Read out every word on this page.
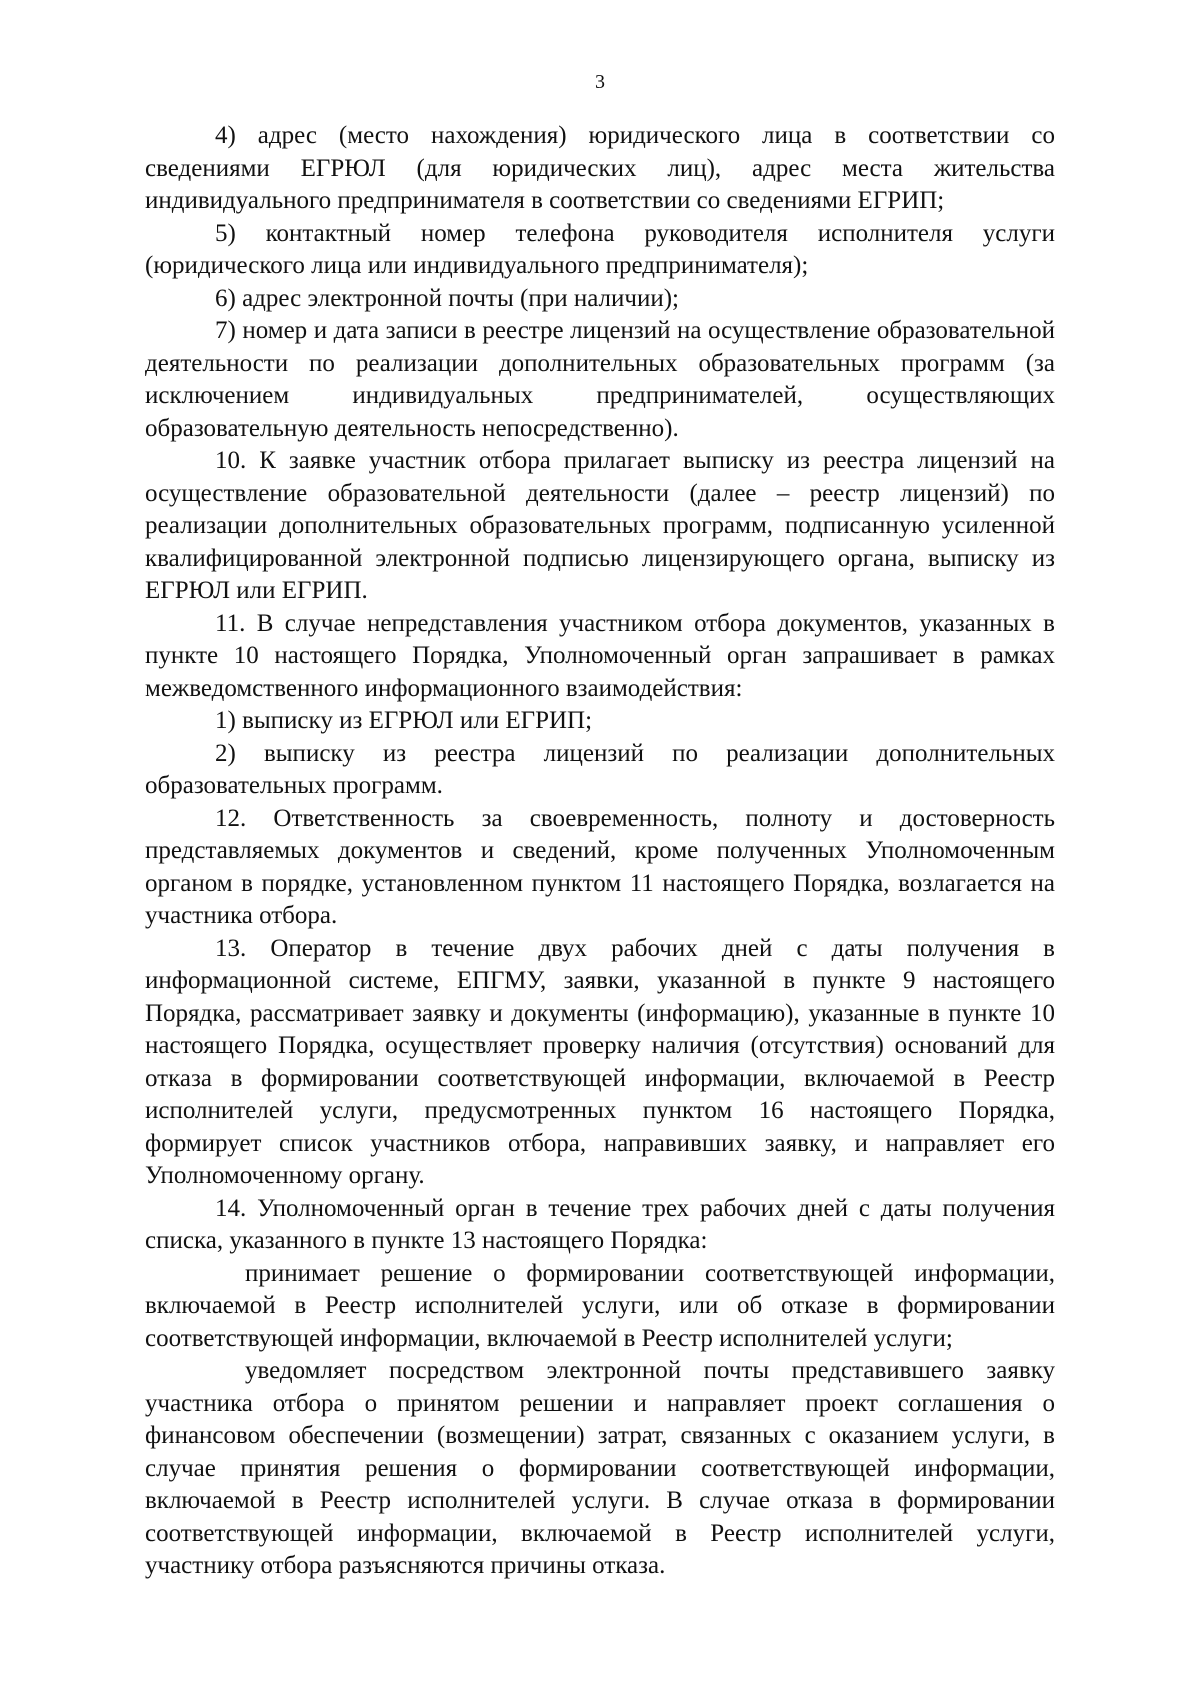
3

4) адрес (место нахождения) юридического лица в соответствии со сведениями ЕГРЮЛ (для юридических лиц), адрес места жительства индивидуального предпринимателя в соответствии со сведениями ЕГРИП;

5) контактный номер телефона руководителя исполнителя услуги (юридического лица или индивидуального предпринимателя);

6) адрес электронной почты (при наличии);

7) номер и дата записи в реестре лицензий на осуществление образовательной деятельности по реализации дополнительных образовательных программ (за исключением индивидуальных предпринимателей, осуществляющих образовательную деятельность непосредственно).

10. К заявке участник отбора прилагает выписку из реестра лицензий на осуществление образовательной деятельности (далее – реестр лицензий) по реализации дополнительных образовательных программ, подписанную усиленной квалифицированной электронной подписью лицензирующего органа, выписку из ЕГРЮЛ или ЕГРИП.

11. В случае непредставления участником отбора документов, указанных в пункте 10 настоящего Порядка, Уполномоченный орган запрашивает в рамках межведомственного информационного взаимодействия:

1) выписку из ЕГРЮЛ или ЕГРИП;

2) выписку из реестра лицензий по реализации дополнительных образовательных программ.

12. Ответственность за своевременность, полноту и достоверность представляемых документов и сведений, кроме полученных Уполномоченным органом в порядке, установленном пунктом 11 настоящего Порядка, возлагается на участника отбора.

13. Оператор в течение двух рабочих дней с даты получения в информационной системе, ЕПГМУ, заявки, указанной в пункте 9 настоящего Порядка, рассматривает заявку и документы (информацию), указанные в пункте 10 настоящего Порядка, осуществляет проверку наличия (отсутствия) оснований для отказа в формировании соответствующей информации, включаемой в Реестр исполнителей услуги, предусмотренных пунктом 16 настоящего Порядка, формирует список участников отбора, направивших заявку, и направляет его Уполномоченному органу.

14. Уполномоченный орган в течение трех рабочих дней с даты получения списка, указанного в пункте 13 настоящего Порядка:

принимает решение о формировании соответствующей информации, включаемой в Реестр исполнителей услуги, или об отказе в формировании соответствующей информации, включаемой в Реестр исполнителей услуги;

уведомляет посредством электронной почты представившего заявку участника отбора о принятом решении и направляет проект соглашения о финансовом обеспечении (возмещении) затрат, связанных с оказанием услуги, в случае принятия решения о формировании соответствующей информации, включаемой в Реестр исполнителей услуги. В случае отказа в формировании соответствующей информации, включаемой в Реестр исполнителей услуги, участнику отбора разъясняются причины отказа.
